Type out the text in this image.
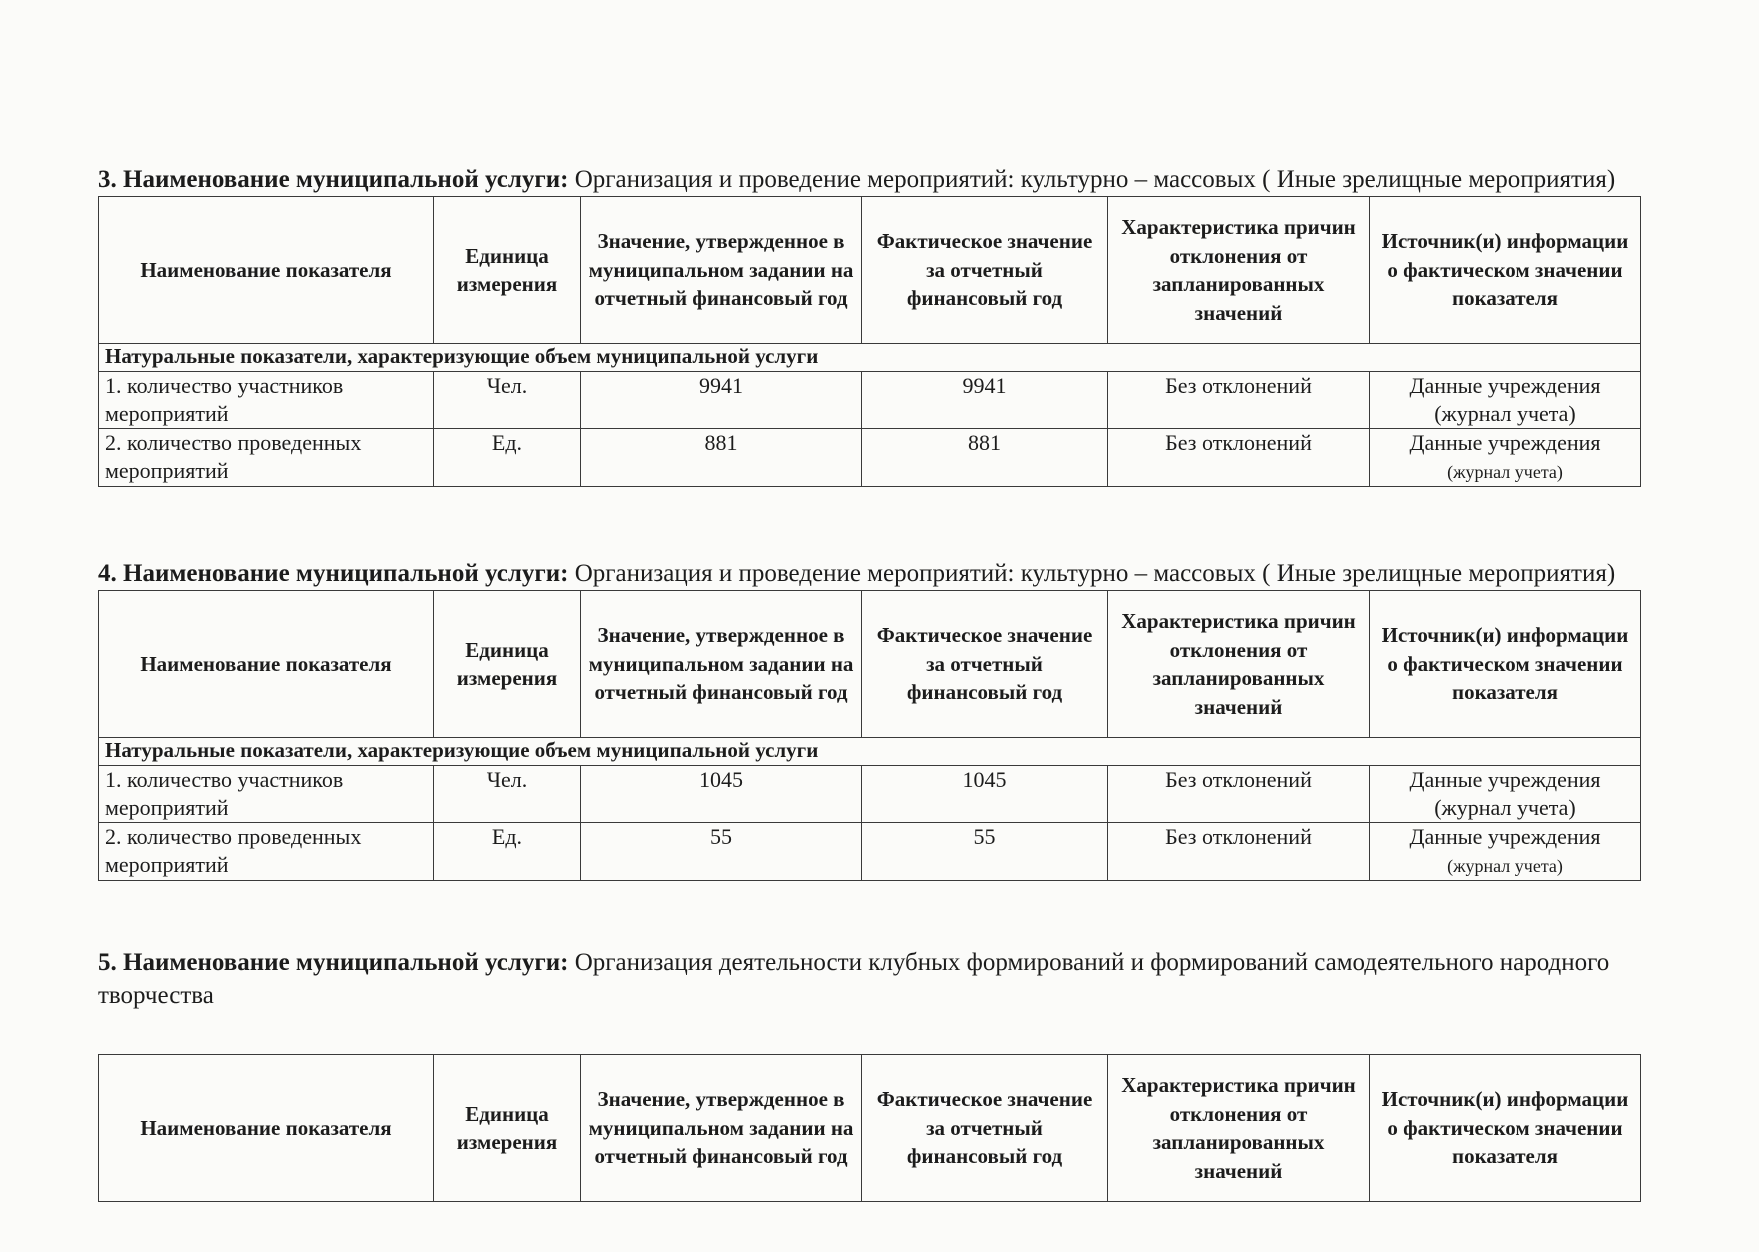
3. Наименование муниципальной услуги: Организация и проведение мероприятий: культурно – массовых ( Иные зрелищные мероприятия)

Наименование показателя	Единица измерения	Значение, утвержденное в муниципальном задании на отчетный финансовый год	Фактическое значение за отчетный финансовый год	Характеристика причин отклонения от запланированных значений	Источник(и) информации о фактическом значении показателя
Натуральные показатели, характеризующие объем муниципальной услуги					
1. количество участников мероприятий	Чел.	9941	9941	Без отклонений	Данные учреждения
(журнал учета)
2. количество проведенных мероприятий	Ед.	881	881	Без отклонений	Данные учреждения
(журнал учета)

4. Наименование муниципальной услуги: Организация и проведение мероприятий: культурно – массовых ( Иные зрелищные мероприятия)

Наименование показателя	Единица измерения	Значение, утвержденное в муниципальном задании на отчетный финансовый год	Фактическое значение за отчетный финансовый год	Характеристика причин отклонения от запланированных значений	Источник(и) информации о фактическом значении показателя
Натуральные показатели, характеризующие объем муниципальной услуги					
1. количество участников мероприятий	Чел.	1045	1045	Без отклонений	Данные учреждения
(журнал учета)
2. количество проведенных мероприятий	Ед.	55	55	Без отклонений	Данные учреждения
(журнал учета)

5. Наименование муниципальной услуги: Организация деятельности клубных формирований и формирований самодеятельного народного творчества

Наименование показателя	Единица измерения	Значение, утвержденное в муниципальном задании на отчетный финансовый год	Фактическое значение за отчетный финансовый год	Характеристика причин отклонения от запланированных значений	Источник(и) информации о фактическом значении показателя
